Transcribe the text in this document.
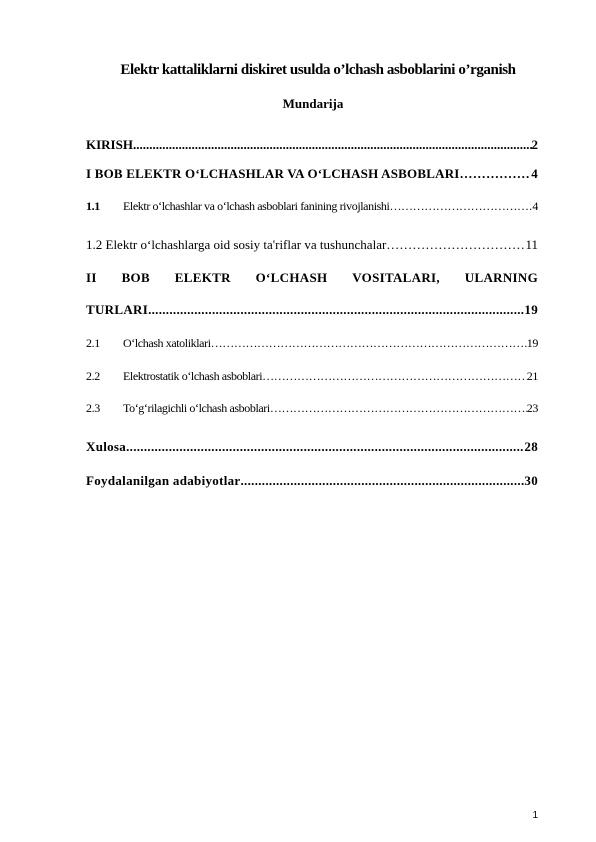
Elektr kattaliklarni diskiret usulda o’lchash asboblarini o’rganish
Mundarija
KIRISH .....	2
I BOB ELEKTR O‘LCHASHLAR VA O‘LCHASH ASBOBLARI …………………………………………………………………………………………………………………………………………………………………………………………	4
1.1 Elektr o‘lchashlar va o‘lchash asboblari fanining rivojlanishi …………………………………………………………………………………………………………………………………………………………………………………………	4
1.2 Elektr o‘lchashlarga oid sosiy ta'riflar va tushunchalar …………………………………………………………………………………………………………………………………………………………………………………………	11
II BOB ELEKTR O‘LCHASH VOSITALARI, ULARNING
TURLARI .....	19
2.1 O‘lchash xatoliklari …………………………………………………………………………………………………………………………………………………………………………………………	19
2.2 Elektrostatik o‘lchash asboblari …………………………………………………………………………………………………………………………………………………………………………………………	21
2.3 To‘g‘rilagichli o‘lchash asboblari …………………………………………………………………………………………………………………………………………………………………………………………	23
Xulosa .....	28
Foydalanilgan adabiyotlar .....	30
1
